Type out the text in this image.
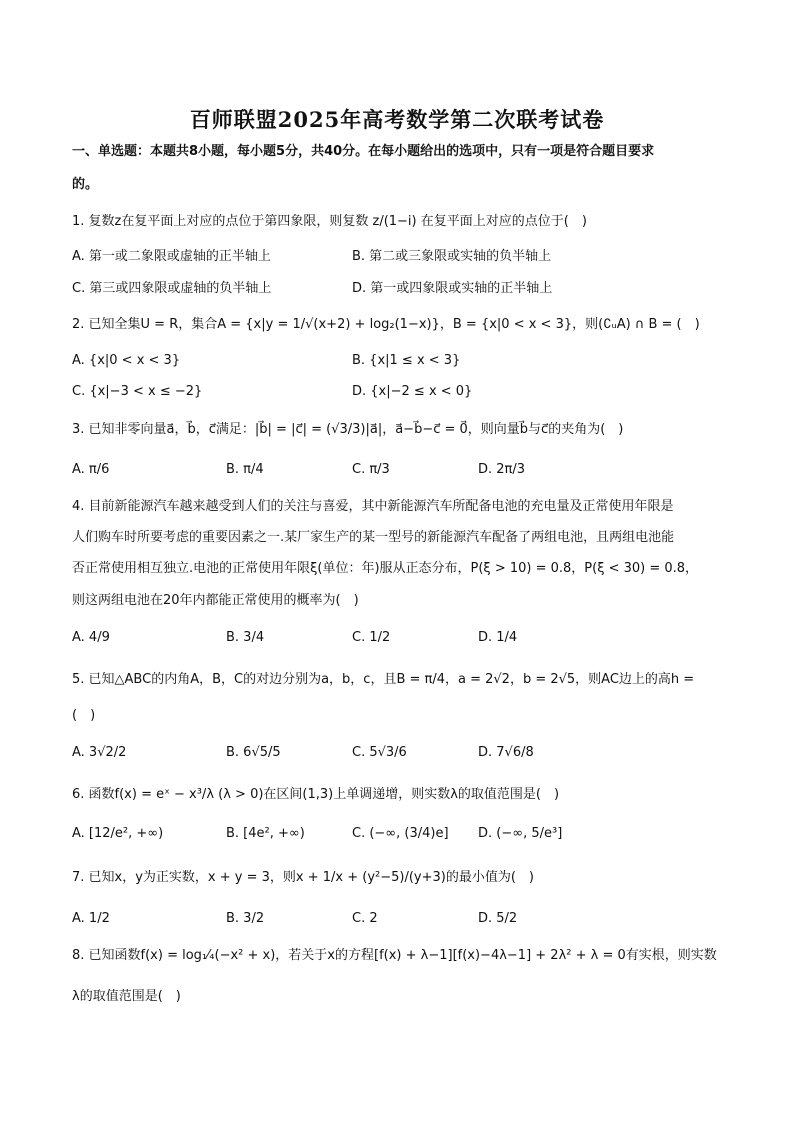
百师联盟2025年高考数学第二次联考试卷
一、单选题：本题共8小题，每小题5分，共40分。在每小题给出的选项中，只有一项是符合题目要求
的。
1. 复数z在复平面上对应的点位于第四象限，则复数 z/(1−i) 在复平面上对应的点位于(　)
A. 第一或二象限或虚轴的正半轴上	B. 第二或三象限或实轴的负半轴上
C. 第三或四象限或虚轴的负半轴上	D. 第一或四象限或实轴的正半轴上
2. 已知全集U = R，集合A = {x|y = 1/√(x+2) + log₂(1−x)}，B = {x|0 < x < 3}，则(∁ᵤA) ∩ B = (　)
A. {x|0 < x < 3}	B. {x|1 ≤ x < 3}
C. {x|−3 < x ≤ −2}	D. {x|−2 ≤ x < 0}
3. 已知非零向量a⃗，b⃗，c⃗满足：|b⃗| = |c⃗| = (√3/3)|a⃗|，a⃗−b⃗−c⃗ = 0⃗，则向量b⃗与c⃗的夹角为(　)
A. π/6	B. π/4	C. π/3	D. 2π/3
4. 目前新能源汽车越来越受到人们的关注与喜爱，其中新能源汽车所配备电池的充电量及正常使用年限是
人们购车时所要考虑的重要因素之一.某厂家生产的某一型号的新能源汽车配备了两组电池，且两组电池能
否正常使用相互独立.电池的正常使用年限ξ(单位：年)服从正态分布，P(ξ > 10) = 0.8，P(ξ < 30) = 0.8，
则这两组电池在20年内都能正常使用的概率为(　)
A. 4/9	B. 3/4	C. 1/2	D. 1/4
5. 已知△ABC的内角A，B，C的对边分别为a，b，c，且B = π/4，a = 2√2，b = 2√5，则AC边上的高h =
(　)
A. 3√2/2	B. 6√5/5	C. 5√3/6	D. 7√6/8
6. 函数f(x) = eˣ − x³/λ (λ > 0)在区间(1,3)上单调递增，则实数λ的取值范围是(　)
A. [12/e², +∞)	B. [4e², +∞)	C. (−∞, (3/4)e] D. (−∞, 5/e³]
7. 已知x，y为正实数，x + y = 3，则x + 1/x + (y²−5)/(y+3)的最小值为(　)
A. 1/2	B. 3/2	C. 2	D. 5/2
8. 已知函数f(x) = log₁⁄₄(−x² + x)，若关于x的方程[f(x) + λ−1][f(x)−4λ−1] + 2λ² + λ = 0有实根，则实数
λ的取值范围是(　)
